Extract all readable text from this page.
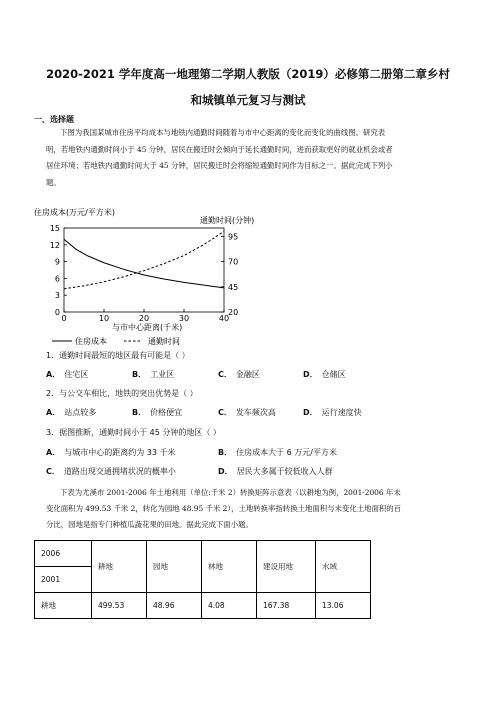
2020-2021 学年度高一地理第二学期人教版（2019）必修第二册第二章乡村
和城镇单元复习与测试
一、选择题
下图为我国某城市住房平均成本与地铁内通勤时间随着与市中心距离的变化而变化的曲线图。研究表
明，若地铁内通勤时间小于 45 分钟，居民在搬迁时会倾向于延长通勤时间，进而获取更好的就业机会或者
居住环境；若地铁内通勤时间大于 45 分钟，居民搬迁时会将缩短通勤时间作为目标之一。据此完成下列小
题。
住房成本(万元/平方米)
通勤时间(分钟)
0	10	20	30	40
0
3
6
9
12
15
20
45
70
95
与市中心距离(千米)
住房成本	通勤时间
1．通勤时间最短的地区最有可能是（ ）
A． 住宅区	B． 工业区	C． 金融区	D． 仓储区
2．与公交车相比，地铁的突出优势是（ ）
A． 站点较多	B． 价格便宜	C． 发车频次高	D． 运行速度快
3．据图推断，通勤时间小于 45 分钟的地区（ ）
A． 与城市中心的距离约为 33 千米	B． 住房成本大于 6 万元/平方米
C． 道路出现交通拥堵状况的概率小	D． 居民大多属于较低收入人群
下表为尤溪市 2001-2006 年土地利用（单位:千米 2）转换矩阵示意表（以耕地为例，2001-2006 年未
变化面积为 499.53 千米 2，转化为园地 48.95 千米 2），土地转换率指转换土地面积与未变化土地面积的百
分比，园地是指专门种植瓜蔬花果的田地。据此完成下面小题。
2006	耕地	园地	林地	建设用地	水域
2001					
耕地	499.53	48.96	4.08	167.38	13.06
